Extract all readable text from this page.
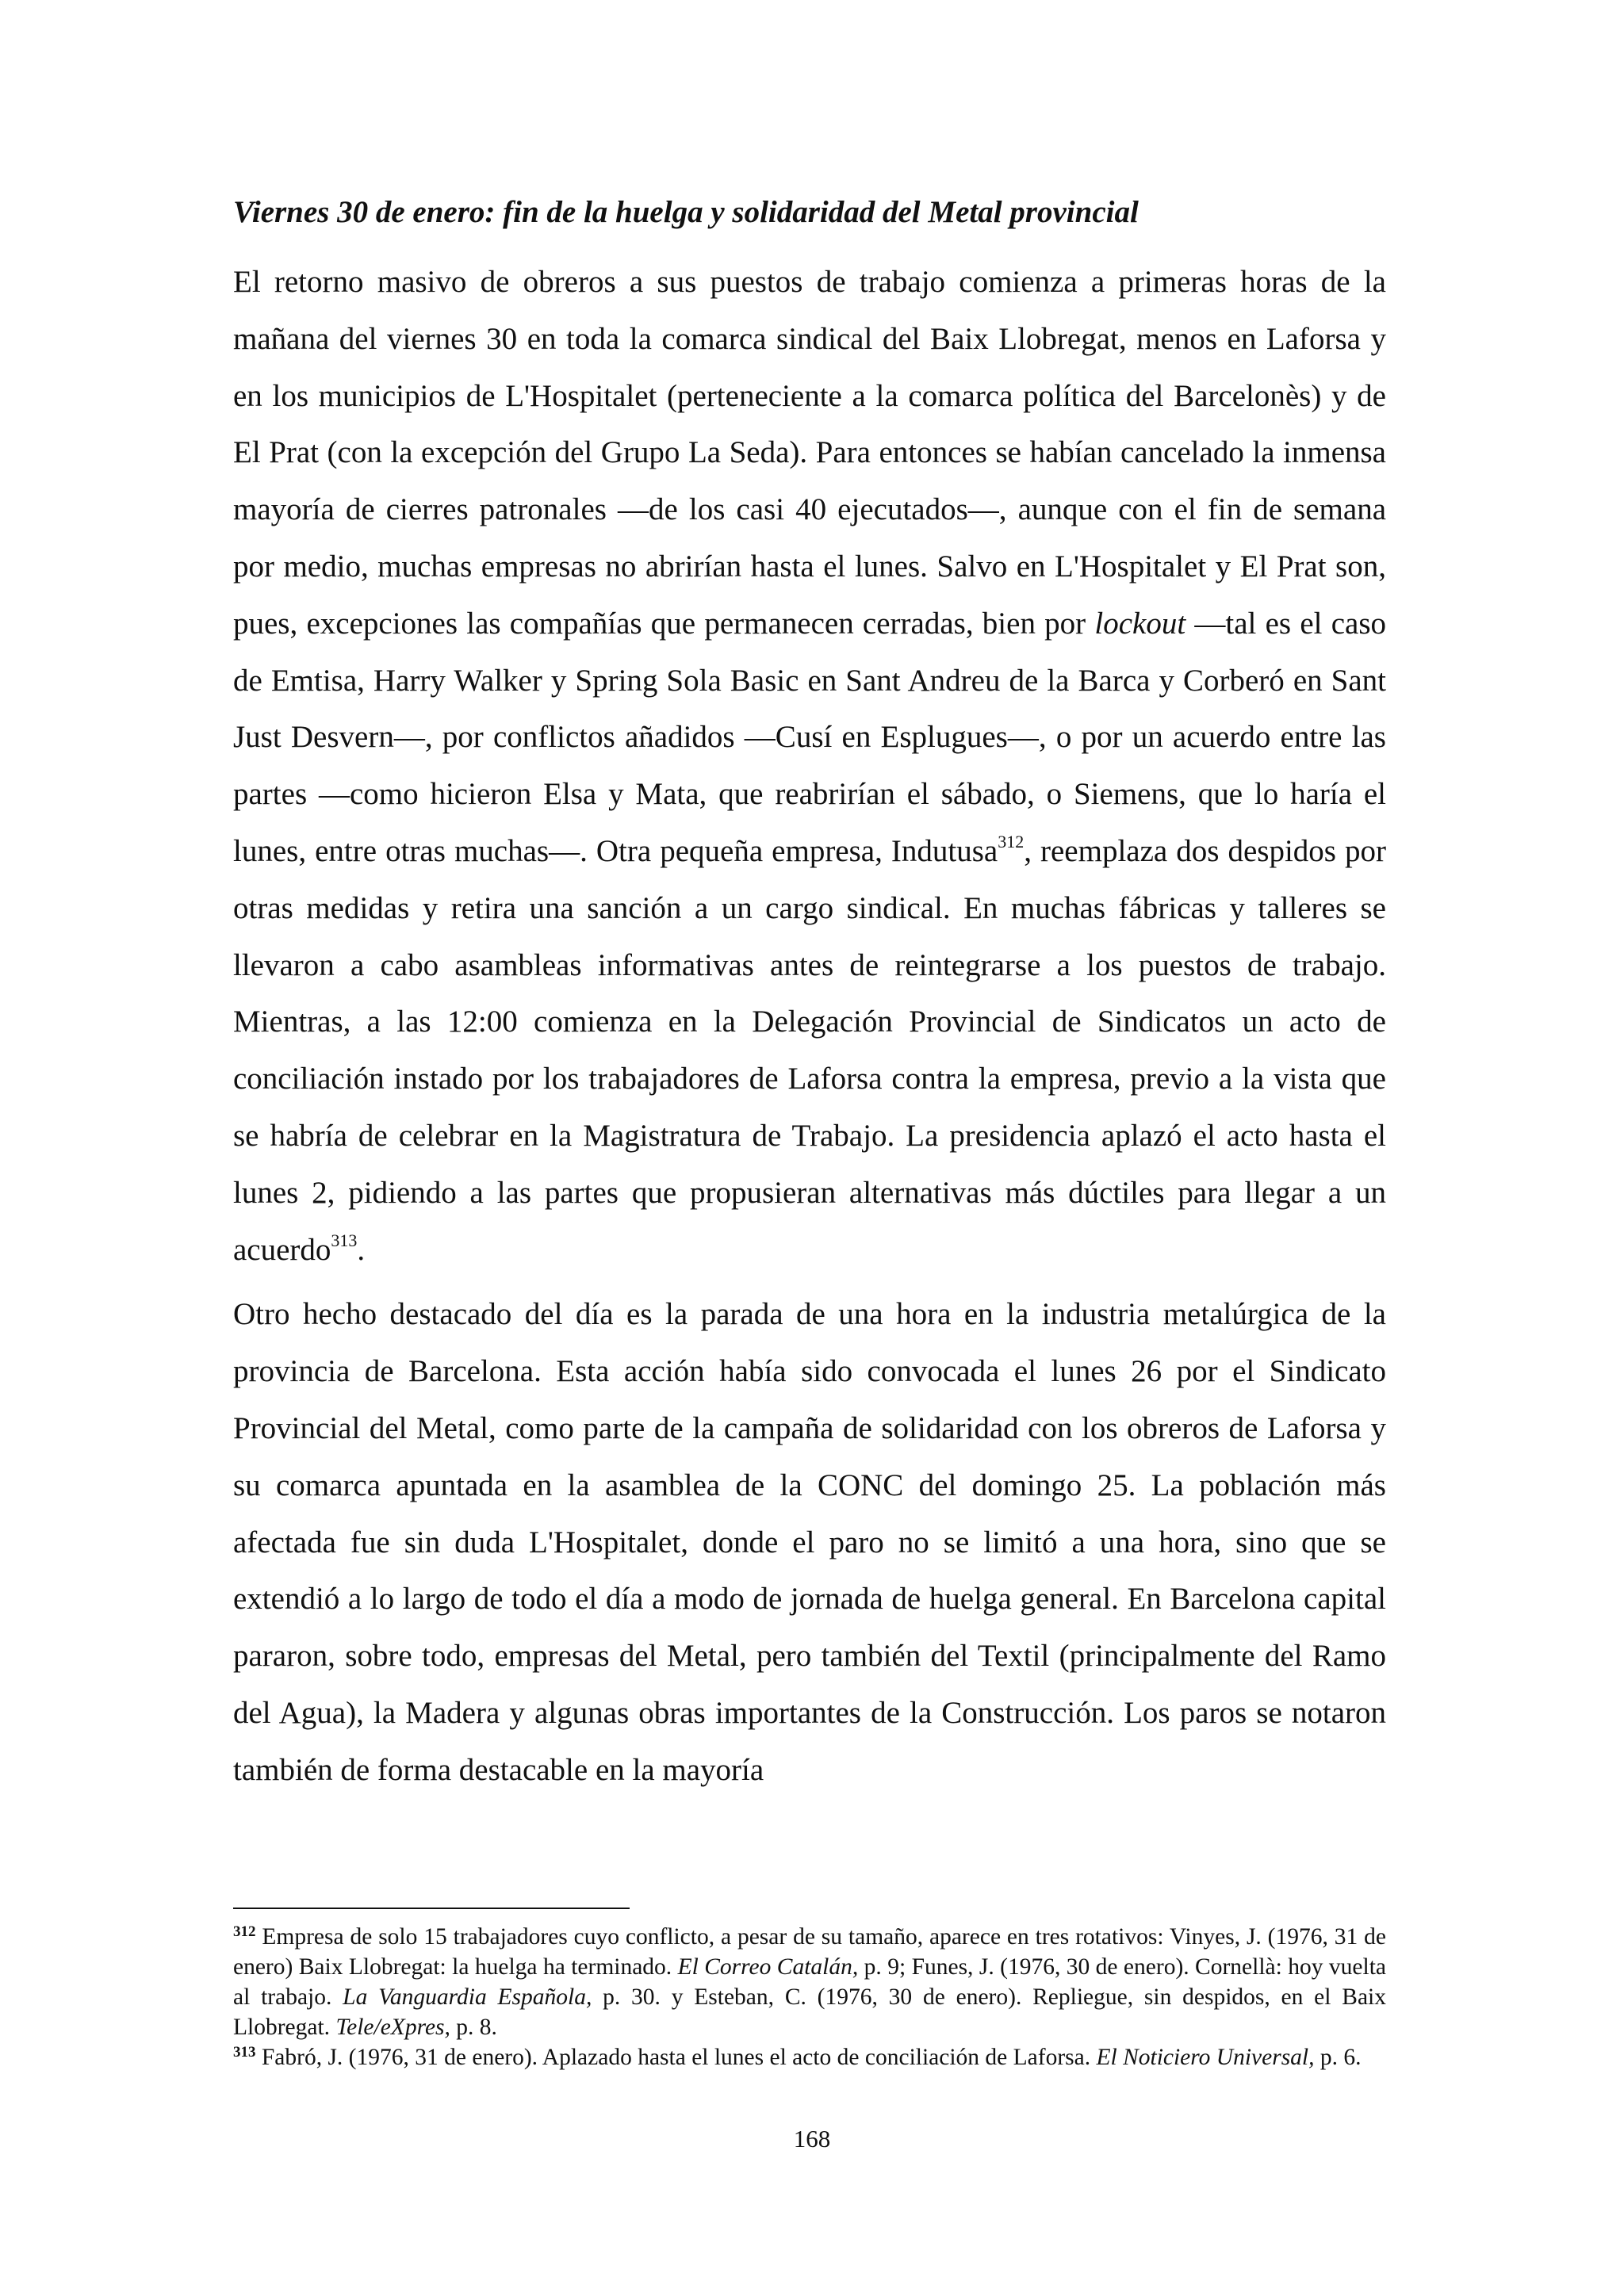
Viernes 30 de enero: fin de la huelga y solidaridad del Metal provincial

El retorno masivo de obreros a sus puestos de trabajo comienza a primeras horas de la mañana del viernes 30 en toda la comarca sindical del Baix Llobregat, menos en Laforsa y en los municipios de L'Hospitalet (perteneciente a la comarca política del Barcelonès) y de El Prat (con la excepción del Grupo La Seda). Para entonces se habían cancelado la inmensa mayoría de cierres patronales —de los casi 40 ejecutados—, aunque con el fin de semana por medio, muchas empresas no abrirían hasta el lunes. Salvo en L'Hospitalet y El Prat son, pues, excepciones las compañías que permanecen cerradas, bien por lockout —tal es el caso de Emtisa, Harry Walker y Spring Sola Basic en Sant Andreu de la Barca y Corberó en Sant Just Desvern—, por conflictos añadidos —Cusí en Esplugues—, o por un acuerdo entre las partes —como hicieron Elsa y Mata, que reabrirían el sábado, o Siemens, que lo haría el lunes, entre otras muchas—. Otra pequeña empresa, Indutusa$^{312}$, reemplaza dos despidos por otras medidas y retira una sanción a un cargo sindical. En muchas fábricas y talleres se llevaron a cabo asambleas informativas antes de reintegrarse a los puestos de trabajo. Mientras, a las 12:00 comienza en la Delegación Provincial de Sindicatos un acto de conciliación instado por los trabajadores de Laforsa contra la empresa, previo a la vista que se habría de celebrar en la Magistratura de Trabajo. La presidencia aplazó el acto hasta el lunes 2, pidiendo a las partes que propusieran alternativas más dúctiles para llegar a un acuerdo$^{313}$.

Otro hecho destacado del día es la parada de una hora en la industria metalúrgica de la provincia de Barcelona. Esta acción había sido convocada el lunes 26 por el Sindicato Provincial del Metal, como parte de la campaña de solidaridad con los obreros de Laforsa y su comarca apuntada en la asamblea de la CONC del domingo 25. La población más afectada fue sin duda L'Hospitalet, donde el paro no se limitó a una hora, sino que se extendió a lo largo de todo el día a modo de jornada de huelga general. En Barcelona capital pararon, sobre todo, empresas del Metal, pero también del Textil (principalmente del Ramo del Agua), la Madera y algunas obras importantes de la Construcción. Los paros se notaron también de forma destacable en la mayoría

$^{312}$ Empresa de solo 15 trabajadores cuyo conflicto, a pesar de su tamaño, aparece en tres rotativos: Vinyes, J. (1976, 31 de enero) Baix Llobregat: la huelga ha terminado. El Correo Catalán, p. 9; Funes, J. (1976, 30 de enero). Cornellà: hoy vuelta al trabajo. La Vanguardia Española, p. 30. y Esteban, C. (1976, 30 de enero). Repliegue, sin despidos, en el Baix Llobregat. Tele/eXpres, p. 8.

$^{313}$ Fabró, J. (1976, 31 de enero). Aplazado hasta el lunes el acto de conciliación de Laforsa. El Noticiero Universal, p. 6.

168
